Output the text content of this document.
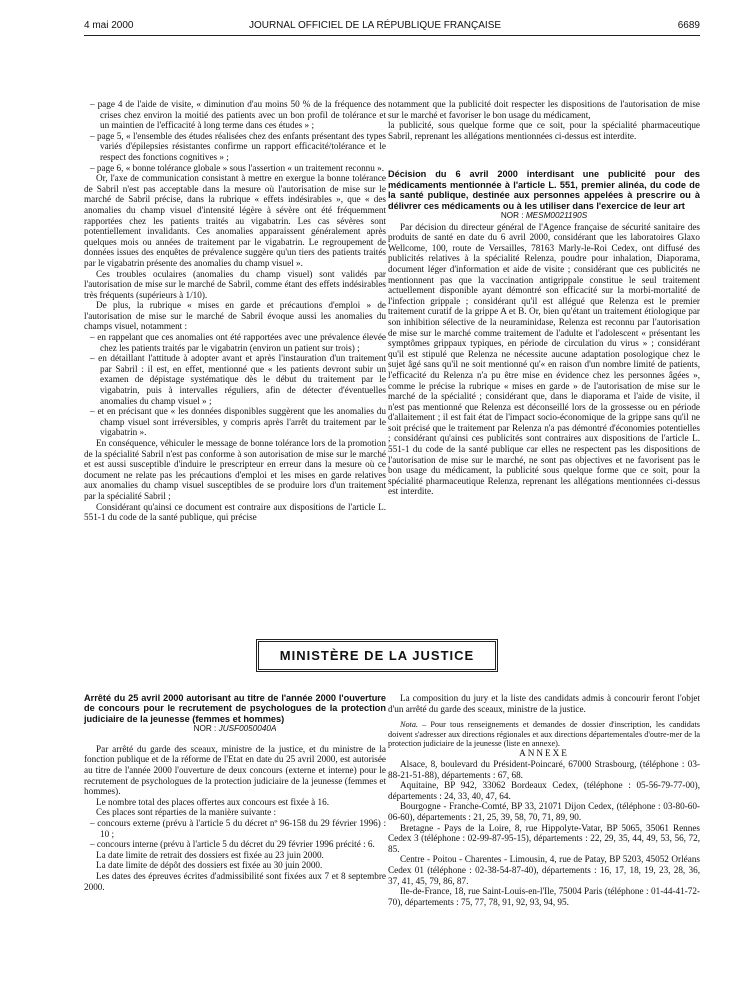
4 mai 2000	JOURNAL OFFICIEL DE LA RÉPUBLIQUE FRANÇAISE	6689

– page 4 de l'aide de visite, « diminution d'au moins 50 % de la fréquence des crises chez environ la moitié des patients avec un bon profil de tolérance et un maintien de l'efficacité à long terme dans ces études » ;

– page 5, « l'ensemble des études réalisées chez des enfants présentant des types variés d'épilepsies résistantes confirme un rapport efficacité/tolérance et le respect des fonctions cognitives » ;

– page 6, « bonne tolérance globale » sous l'assertion « un traitement reconnu ».

Or, l'axe de communication consistant à mettre en exergue la bonne tolérance de Sabril n'est pas acceptable dans la mesure où l'autorisation de mise sur le marché de Sabril précise, dans la rubrique « effets indésirables », que « des anomalies du champ visuel d'intensité légère à sévère ont été fréquemment rapportées chez les patients traités au vigabatrin. Les cas sévères sont potentiellement invalidants. Ces anomalies apparaissent généralement après quelques mois ou années de traitement par le vigabatrin. Le regroupement de données issues des enquêtes de prévalence suggère qu'un tiers des patients traités par le vigabatrin présente des anomalies du champ visuel ».

Ces troubles oculaires (anomalies du champ visuel) sont validés par l'autorisation de mise sur le marché de Sabril, comme étant des effets indésirables très fréquents (supérieurs à 1/10).

De plus, la rubrique « mises en garde et précautions d'emploi » de l'autorisation de mise sur le marché de Sabril évoque aussi les anomalies du champs visuel, notamment :

– en rappelant que ces anomalies ont été rapportées avec une prévalence élevée chez les patients traités par le vigabatrin (environ un patient sur trois) ;

– en détaillant l'attitude à adopter avant et après l'instauration d'un traitement par Sabril : il est, en effet, mentionné que « les patients devront subir un examen de dépistage systématique dès le début du traitement par le vigabatrin, puis à intervalles réguliers, afin de détecter d'éventuelles anomalies du champ visuel » ;

– et en précisant que « les données disponibles suggèrent que les anomalies du champ visuel sont irréversibles, y compris après l'arrêt du traitement par le vigabatrin ».

En conséquence, véhiculer le message de bonne tolérance lors de la promotion de la spécialité Sabril n'est pas conforme à son autorisation de mise sur le marché et est aussi susceptible d'induire le prescripteur en erreur dans la mesure où ce document ne relate pas les précautions d'emploi et les mises en garde relatives aux anomalies du champ visuel susceptibles de se produire lors d'un traitement par la spécialité Sabril ;

Considérant qu'ainsi ce document est contraire aux dispositions de l'article L. 551-1 du code de la santé publique, qui précise

notamment que la publicité doit respecter les dispositions de l'autorisation de mise sur le marché et favoriser le bon usage du médicament,

la publicité, sous quelque forme que ce soit, pour la spécialité pharmaceutique Sabril, reprenant les allégations mentionnées ci-dessus est interdite.

Décision du 6 avril 2000 interdisant une publicité pour des médicaments mentionnée à l'article L. 551, premier alinéa, du code de la santé publique, destinée aux personnes appelées à prescrire ou à délivrer ces médicaments ou à les utiliser dans l'exercice de leur art

NOR : MESM0021190S

Par décision du directeur général de l'Agence française de sécurité sanitaire des produits de santé en date du 6 avril 2000, considérant que les laboratoires Glaxo Wellcome, 100, route de Versailles, 78163 Marly-le-Roi Cedex, ont diffusé des publicités relatives à la spécialité Relenza, poudre pour inhalation, Diaporama, document léger d'information et aide de visite ; considérant que ces publicités ne mentionnent pas que la vaccination antigrippale constitue le seul traitement actuellement disponible ayant démontré son efficacité sur la morbi-mortalité de l'infection grippale ; considérant qu'il est allégué que Relenza est le premier traitement curatif de la grippe A et B. Or, bien qu'étant un traitement étiologique par son inhibition sélective de la neuraminidase, Relenza est reconnu par l'autorisation de mise sur le marché comme traitement de l'adulte et l'adolescent « présentant les symptômes grippaux typiques, en période de circulation du virus » ; considérant qu'il est stipulé que Relenza ne nécessite aucune adaptation posologique chez le sujet âgé sans qu'il ne soit mentionné qu'« en raison d'un nombre limité de patients, l'efficacité du Relenza n'a pu être mise en évidence chez les personnes âgées », comme le précise la rubrique « mises en garde » de l'autorisation de mise sur le marché de la spécialité ; considérant que, dans le diaporama et l'aide de visite, il n'est pas mentionné que Relenza est déconseillé lors de la grossesse ou en période d'allaitement ; il est fait état de l'impact socio-économique de la grippe sans qu'il ne soit précisé que le traitement par Relenza n'a pas démontré d'économies potentielles ; considérant qu'ainsi ces publicités sont contraires aux dispositions de l'article L. 551-1 du code de la santé publique car elles ne respectent pas les dispositions de l'autorisation de mise sur le marché, ne sont pas objectives et ne favorisent pas le bon usage du médicament, la publicité sous quelque forme que ce soit, pour la spécialité pharmaceutique Relenza, reprenant les allégations mentionnées ci-dessus est interdite.

MINISTÈRE DE LA JUSTICE

Arrêté du 25 avril 2000 autorisant au titre de l'année 2000 l'ouverture de concours pour le recrutement de psychologues de la protection judiciaire de la jeunesse (femmes et hommes)

NOR : JUSF0050040A

Par arrêté du garde des sceaux, ministre de la justice, et du ministre de la fonction publique et de la réforme de l'Etat en date du 25 avril 2000, est autorisée au titre de l'année 2000 l'ouverture de deux concours (externe et interne) pour le recrutement de psychologues de la protection judiciaire de la jeunesse (femmes et hommes).

Le nombre total des places offertes aux concours est fixée à 16.

Ces places sont réparties de la manière suivante :

– concours externe (prévu à l'article 5 du décret nº 96-158 du 29 février 1996) : 10 ;

– concours interne (prévu à l'article 5 du décret du 29 février 1996 précité : 6.

La date limite de retrait des dossiers est fixée au 23 juin 2000.

La date limite de dépôt des dossiers est fixée au 30 juin 2000.

Les dates des épreuves écrites d'admissibilité sont fixées aux 7 et 8 septembre 2000.

La composition du jury et la liste des candidats admis à concourir feront l'objet d'un arrêté du garde des sceaux, ministre de la justice.

Nota. – Pour tous renseignements et demandes de dossier d'inscription, les candidats doivent s'adresser aux directions régionales et aux directions départementales d'outre-mer de la protection judiciaire de la jeunesse (liste en annexe).

ANNEXE

Alsace, 8, boulevard du Président-Poincaré, 67000 Strasbourg, (téléphone : 03-88-21-51-88), départements : 67, 68.

Aquitaine, BP 942, 33062 Bordeaux Cedex, (téléphone : 05-56-79-77-00), départements : 24, 33, 40, 47, 64.

Bourgogne - Franche-Comté, BP 33, 21071 Dijon Cedex, (téléphone : 03-80-60-06-60), départements : 21, 25, 39, 58, 70, 71, 89, 90.

Bretagne - Pays de la Loire, 8, rue Hippolyte-Vatar, BP 5065, 35061 Rennes Cedex 3 (téléphone : 02-99-87-95-15), départements : 22, 29, 35, 44, 49, 53, 56, 72, 85.

Centre - Poitou - Charentes - Limousin, 4, rue de Patay, BP 5203, 45052 Orléans Cedex 01 (téléphone : 02-38-54-87-40), départements : 16, 17, 18, 19, 23, 28, 36, 37, 41, 45, 79, 86, 87.

Ile-de-France, 18, rue Saint-Louis-en-l'Ile, 75004 Paris (téléphone : 01-44-41-72-70), départements : 75, 77, 78, 91, 92, 93, 94, 95.
